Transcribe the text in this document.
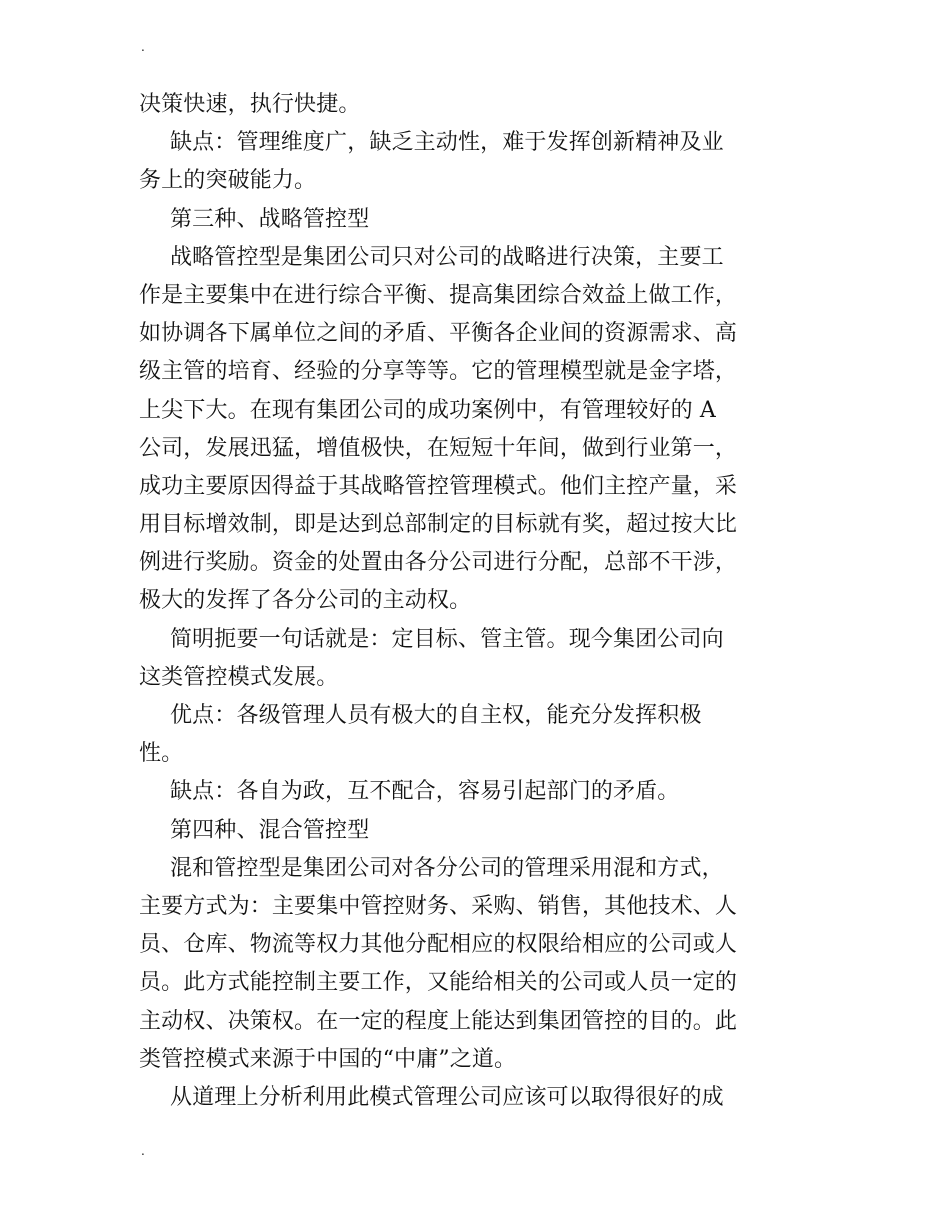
.
决策快速，执行快捷。
缺点：管理维度广，缺乏主动性，难于发挥创新精神及业
务上的突破能力。
第三种、战略管控型
战略管控型是集团公司只对公司的战略进行决策，主要工
作是主要集中在进行综合平衡、提高集团综合效益上做工作，
如协调各下属单位之间的矛盾、平衡各企业间的资源需求、高
级主管的培育、经验的分享等等。它的管理模型就是金字塔，
上尖下大。在现有集团公司的成功案例中，有管理较好的 A
公司，发展迅猛，增值极快，在短短十年间，做到行业第一，
成功主要原因得益于其战略管控管理模式。他们主控产量，采
用目标增效制，即是达到总部制定的目标就有奖，超过按大比
例进行奖励。资金的处置由各分公司进行分配，总部不干涉，
极大的发挥了各分公司的主动权。
简明扼要一句话就是：定目标、管主管。现今集团公司向
这类管控模式发展。
优点：各级管理人员有极大的自主权，能充分发挥积极
性。
缺点：各自为政，互不配合，容易引起部门的矛盾。
第四种、混合管控型
混和管控型是集团公司对各分公司的管理采用混和方式，
主要方式为：主要集中管控财务、采购、销售，其他技术、人
员、仓库、物流等权力其他分配相应的权限给相应的公司或人
员。此方式能控制主要工作，又能给相关的公司或人员一定的
主动权、决策权。在一定的程度上能达到集团管控的目的。此
类管控模式来源于中国的“中庸”之道。
从道理上分析利用此模式管理公司应该可以取得很好的成
.
